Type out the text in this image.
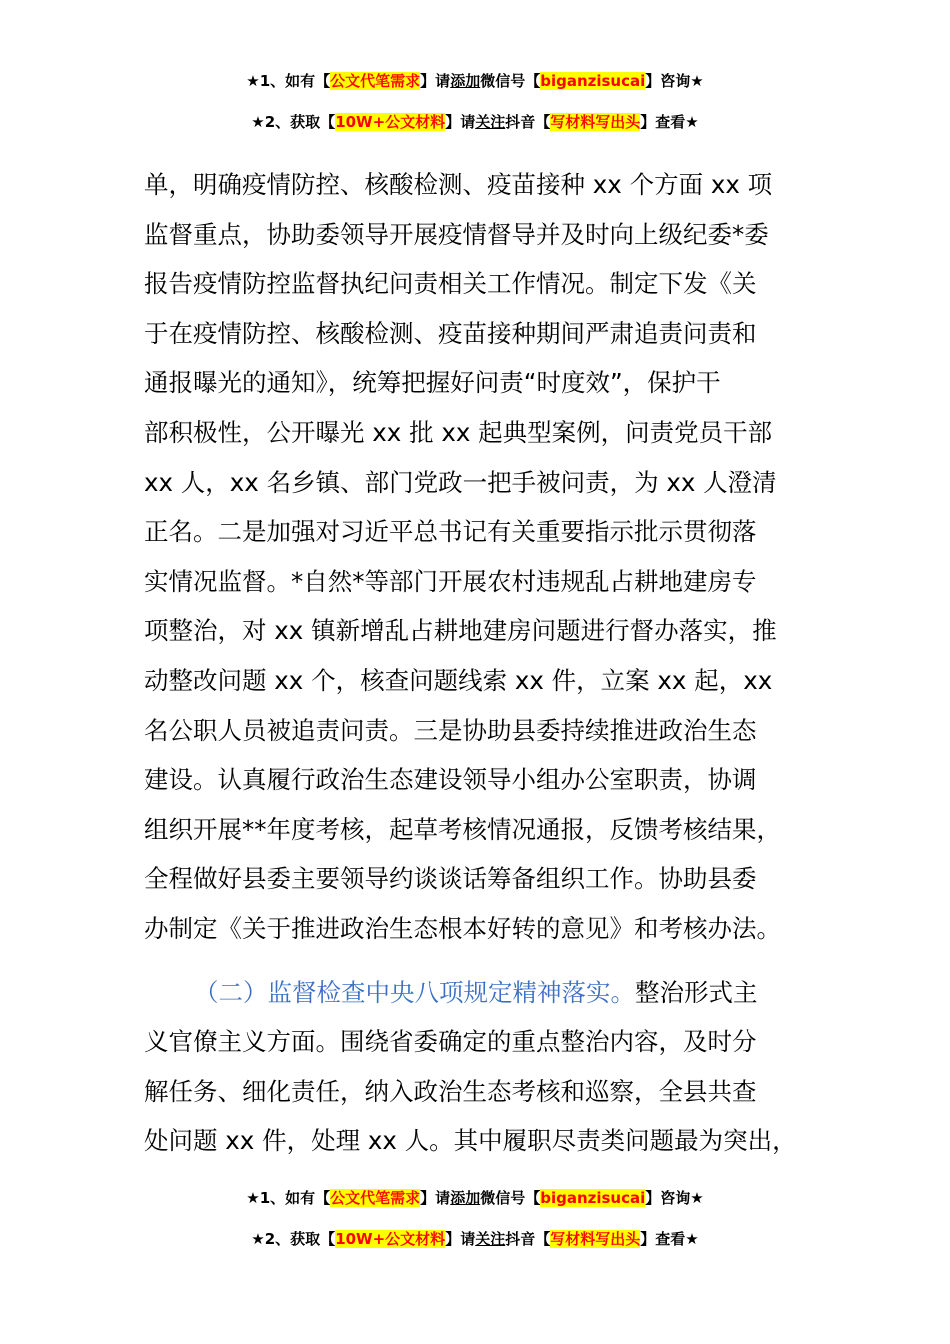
★1、如有【公文代笔需求】请添加微信号【biganzisucai】咨询★
★2、获取【10W+公文材料】请关注抖音【写材料写出头】查看★
单，明确疫情防控、核酸检测、疫苗接种 xx 个方面 xx 项
监督重点，协助委领导开展疫情督导并及时向上级纪委*委
报告疫情防控监督执纪问责相关工作情况。制定下发《关
于在疫情防控、核酸检测、疫苗接种期间严肃追责问责和
通报曝光的通知》，统筹把握好问责“时度效”，保护干
部积极性，公开曝光 xx 批 xx 起典型案例，问责党员干部
xx 人，xx 名乡镇、部门党政一把手被问责，为 xx 人澄清
正名。二是加强对习近平总书记有关重要指示批示贯彻落
实情况监督。*自然*等部门开展农村违规乱占耕地建房专
项整治，对 xx 镇新增乱占耕地建房问题进行督办落实，推
动整改问题 xx 个，核查问题线索 xx 件，立案 xx 起，xx
名公职人员被追责问责。三是协助县委持续推进政治生态
建设。认真履行政治生态建设领导小组办公室职责，协调
组织开展**年度考核，起草考核情况通报，反馈考核结果，
全程做好县委主要领导约谈谈话筹备组织工作。协助县委
办制定《关于推进政治生态根本好转的意见》和考核办法。
（二）监督检查中央八项规定精神落实。整治形式主
义官僚主义方面。围绕省委确定的重点整治内容，及时分
解任务、细化责任，纳入政治生态考核和巡察，全县共查
处问题 xx 件，处理 xx 人。其中履职尽责类问题最为突出，
★1、如有【公文代笔需求】请添加微信号【biganzisucai】咨询★
★2、获取【10W+公文材料】请关注抖音【写材料写出头】查看★
